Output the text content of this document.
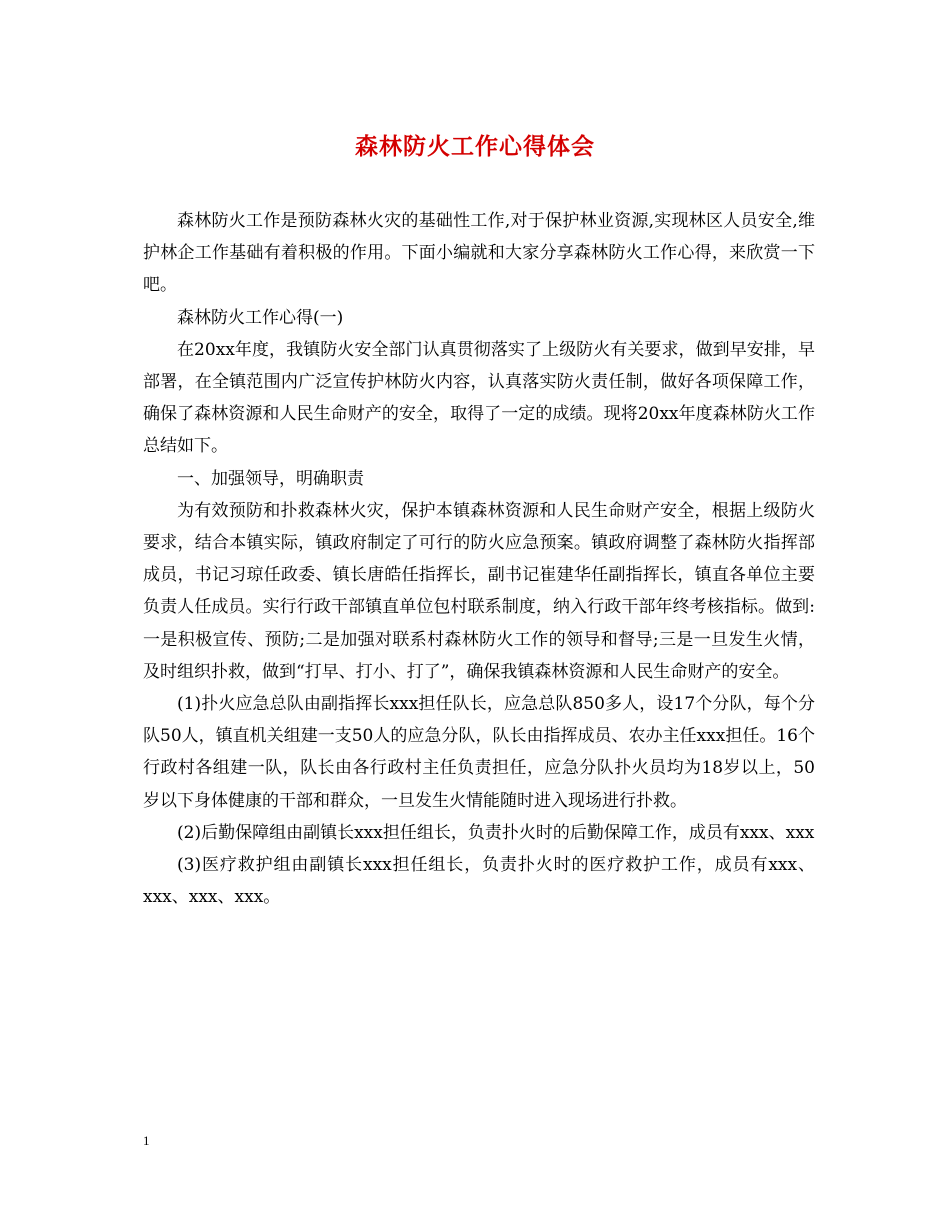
森林防火工作心得体会

森林防火工作是预防森林火灾的基础性工作,对于保护林业资源,实现林区人员安全,维护林企工作基础有着积极的作用。下面小编就和大家分享森林防火工作心得，来欣赏一下吧。

森林防火工作心得(一)

在20xx年度，我镇防火安全部门认真贯彻落实了上级防火有关要求，做到早安排，早部署，在全镇范围内广泛宣传护林防火内容，认真落实防火责任制，做好各项保障工作，确保了森林资源和人民生命财产的安全，取得了一定的成绩。现将20xx年度森林防火工作总结如下。

一、加强领导，明确职责

为有效预防和扑救森林火灾，保护本镇森林资源和人民生命财产安全，根据上级防火要求，结合本镇实际，镇政府制定了可行的防火应急预案。镇政府调整了森林防火指挥部成员，书记习琼任政委、镇长唐皓任指挥长，副书记崔建华任副指挥长，镇直各单位主要负责人任成员。实行行政干部镇直单位包村联系制度，纳入行政干部年终考核指标。做到:一是积极宣传、预防;二是加强对联系村森林防火工作的领导和督导;三是一旦发生火情，及时组织扑救，做到“打早、打小、打了”，确保我镇森林资源和人民生命财产的安全。

(1)扑火应急总队由副指挥长xxx担任队长，应急总队850多人，设17个分队，每个分队50人，镇直机关组建一支50人的应急分队，队长由指挥成员、农办主任xxx担任。16个行政村各组建一队，队长由各行政村主任负责担任，应急分队扑火员均为18岁以上，50岁以下身体健康的干部和群众，一旦发生火情能随时进入现场进行扑救。

(2)后勤保障组由副镇长xxx担任组长，负责扑火时的后勤保障工作，成员有xxx、xxx

(3)医疗救护组由副镇长xxx担任组长，负责扑火时的医疗救护工作，成员有xxx、xxx、xxx、xxx。

1
